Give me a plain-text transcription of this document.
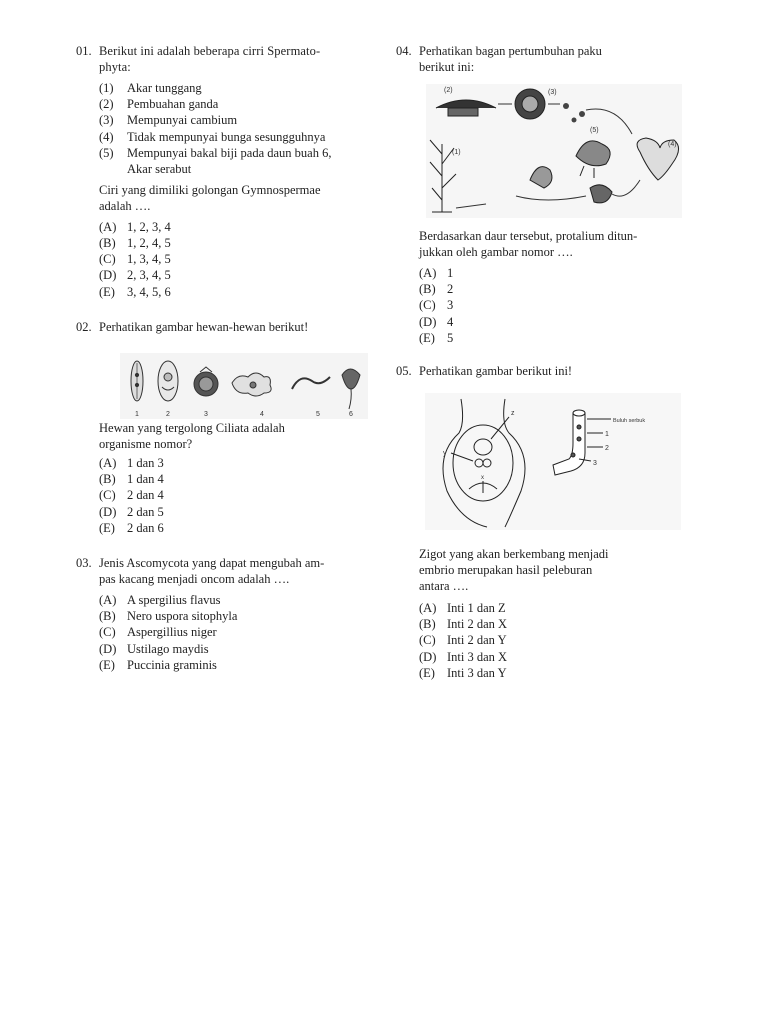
01. Berikut ini adalah beberapa cirri Spermato-
phyta:
(1) Akar tunggang
(2) Pembuahan ganda
(3) Mempunyai cambium
(4) Tidak mempunyai bunga sesungguhnya
(5) Mempunyai bakal biji pada daun buah 6,
Akar serabut
Ciri yang dimiliki golongan Gymnospermae
adalah ….
(A) 1, 2, 3, 4
(B) 1, 2, 4, 5
(C) 1, 3, 4, 5
(D) 2, 3, 4, 5
(E) 3, 4, 5, 6
02. Perhatikan gambar hewan-hewan berikut!
1	2	3	4	5	6
Hewan yang tergolong Ciliata adalah
organisme nomor?
(A) 1 dan 3
(B) 1 dan 4
(C) 2 dan 4
(D) 2 dan 5
(E) 2 dan 6
03. Jenis Ascomycota yang dapat mengubah am-
pas kacang menjadi oncom adalah ….
(A) A spergilius flavus
(B) Nero uspora sitophyla
(C) Aspergillius niger
(D) Ustilago maydis
(E) Puccinia graminis
04. Perhatikan bagan pertumbuhan paku
berikut ini:
(2)	(3)
(1)
(5)
(4)
Berdasarkan daur tersebut, protalium ditun-
jukkan oleh gambar nomor ….
(A) 1
(B) 2
(C) 3
(D) 4
(E) 5
05. Perhatikan gambar berikut ini!
z
y
x
Buluh serbuk
1
2
3
Zigot yang akan berkembang menjadi
embrio merupakan hasil peleburan
antara ….
(A) Inti 1 dan Z
(B) Inti 2 dan X
(C) Inti 2 dan Y
(D) Inti 3 dan X
(E) Inti 3 dan Y
